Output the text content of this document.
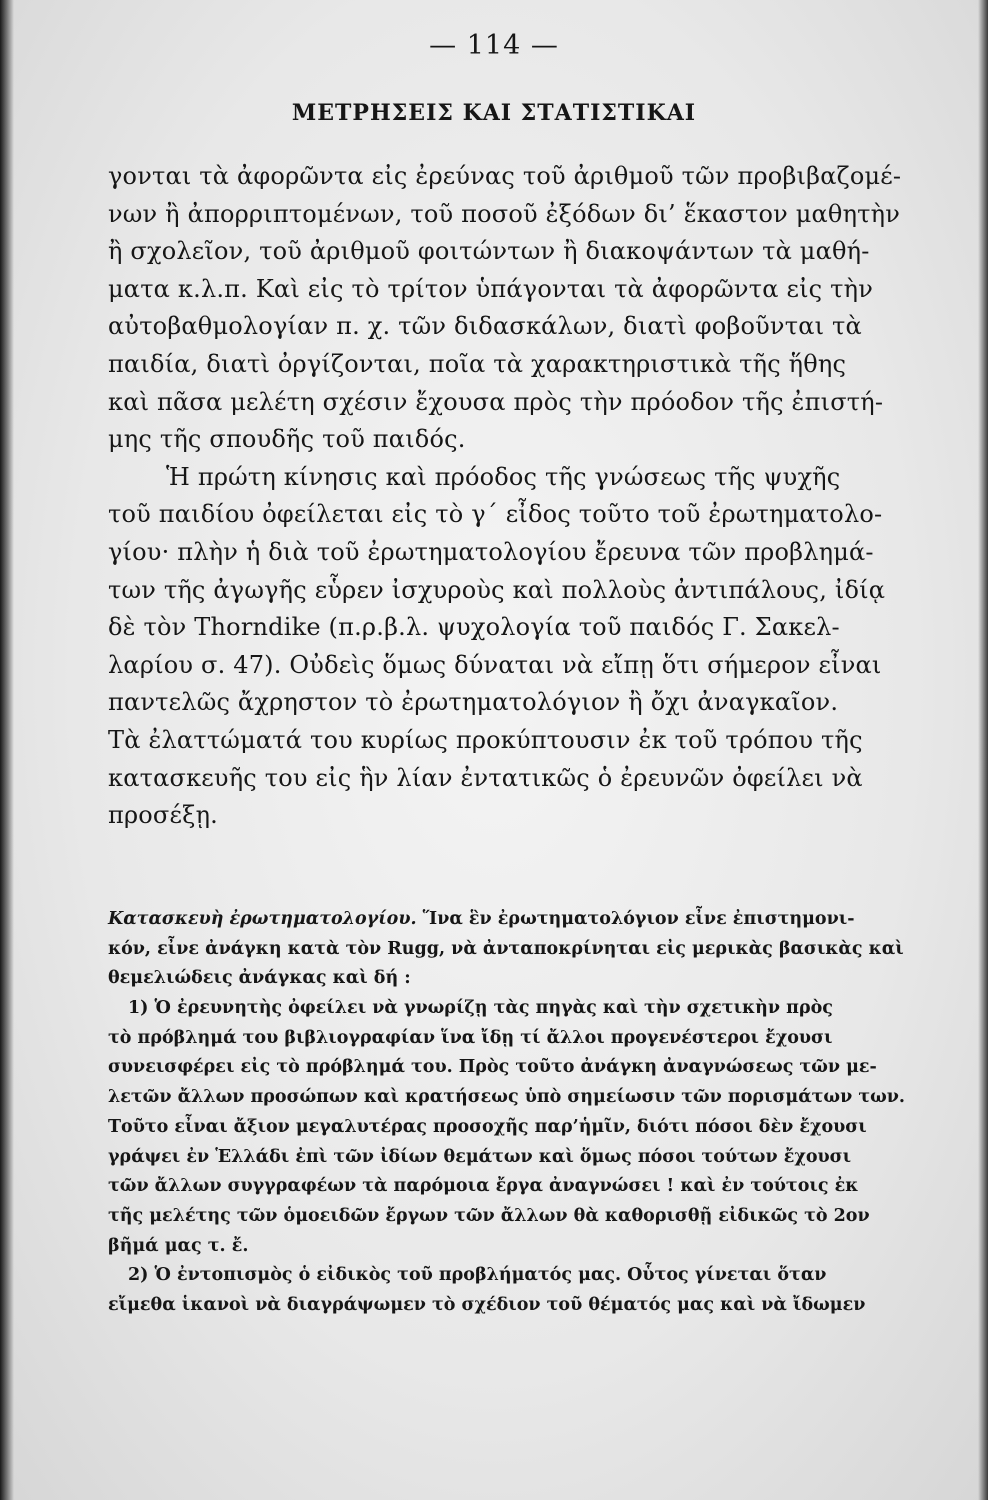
— 114 —
ΜΕΤΡΗΣΕΙΣ ΚΑΙ ΣΤΑΤΙΣΤΙΚΑΙ
γονται τὰ ἀφορῶντα εἰς ἐρεύνας τοῦ ἀριθμοῦ τῶν προβιβαζομέ-
νων ἢ ἀπορριπτομένων, τοῦ ποσοῦ ἐξόδων δι’ ἕκαστον μαθητὴν
ἢ σχολεῖον, τοῦ ἀριθμοῦ φοιτώντων ἢ διακοψάντων τὰ μαθή-
ματα κ.λ.π. Καὶ εἰς τὸ τρίτον ὑπάγονται τὰ ἀφορῶντα εἰς τὴν
αὐτοβαθμολογίαν π. χ. τῶν διδασκάλων, διατὶ φοβοῦνται τὰ
παιδία, διατὶ ὀργίζονται, ποῖα τὰ χαρακτηριστικὰ τῆς ἥθης
καὶ πᾶσα μελέτη σχέσιν ἔχουσα πρὸς τὴν πρόοδον τῆς ἐπιστή-
μης τῆς σπουδῆς τοῦ παιδός.
Ἡ πρώτη κίνησις καὶ πρόοδος τῆς γνώσεως τῆς ψυχῆς
τοῦ παιδίου ὀφείλεται εἰς τὸ γ΄ εἶδος τοῦτο τοῦ ἐρωτηματολο-
γίου· πλὴν ἡ διὰ τοῦ ἐρωτηματολογίου ἔρευνα τῶν προβλημά-
των τῆς ἀγωγῆς εὗρεν ἰσχυροὺς καὶ πολλοὺς ἀντιπάλους, ἰδίᾳ
δὲ τὸν Thorndike (π.ρ.β.λ. ψυχολογία τοῦ παιδός Γ. Σακελ-
λαρίου σ. 47). Οὐδεὶς ὅμως δύναται νὰ εἴπῃ ὅτι σήμερον εἶναι
παντελῶς ἄχρηστον τὸ ἐρωτηματολόγιον ἢ ὄχι ἀναγκαῖον.
Τὰ ἐλαττώματά του κυρίως προκύπτουσιν ἐκ τοῦ τρόπου τῆς
κατασκευῆς του εἰς ἣν λίαν ἐντατικῶς ὁ ἐρευνῶν ὀφείλει νὰ
προσέξῃ.
Κατασκευὴ ἐρωτηματολογίου. Ἵνα ἓν ἐρωτηματολόγιον εἶνε ἐπιστημονι-
κόν, εἶνε ἀνάγκη κατὰ τὸν Rugg, νὰ ἀνταποκρίνηται εἰς μερικὰς βασικὰς καὶ
θεμελιώδεις ἀνάγκας καὶ δή :
1) Ὁ ἐρευνητὴς ὀφείλει νὰ γνωρίζῃ τὰς πηγὰς καὶ τὴν σχετικὴν πρὸς
τὸ πρόβλημά του βιβλιογραφίαν ἵνα ἴδῃ τί ἄλλοι προγενέστεροι ἔχουσι
συνεισφέρει εἰς τὸ πρόβλημά του. Πρὸς τοῦτο ἀνάγκη ἀναγνώσεως τῶν με-
λετῶν ἄλλων προσώπων καὶ κρατήσεως ὑπὸ σημείωσιν τῶν πορισμάτων των.
Τοῦτο εἶναι ἄξιον μεγαλυτέρας προσοχῆς παρ’ἡμῖν, διότι πόσοι δὲν ἔχουσι
γράψει ἐν Ἑλλάδι ἐπὶ τῶν ἰδίων θεμάτων καὶ ὅμως πόσοι τούτων ἔχουσι
τῶν ἄλλων συγγραφέων τὰ παρόμοια ἔργα ἀναγνώσει ! καὶ ἐν τούτοις ἐκ
τῆς μελέτης τῶν ὁμοειδῶν ἔργων τῶν ἄλλων θὰ καθορισθῇ εἰδικῶς τὸ 2ον
βῆμά μας τ. ἔ.
2) Ὁ ἐντοπισμὸς ὁ εἰδικὸς τοῦ προβλήματός μας. Οὗτος γίνεται ὅταν
εἴμεθα ἱκανοὶ νὰ διαγράψωμεν τὸ σχέδιον τοῦ θέματός μας καὶ νὰ ἴδωμεν
